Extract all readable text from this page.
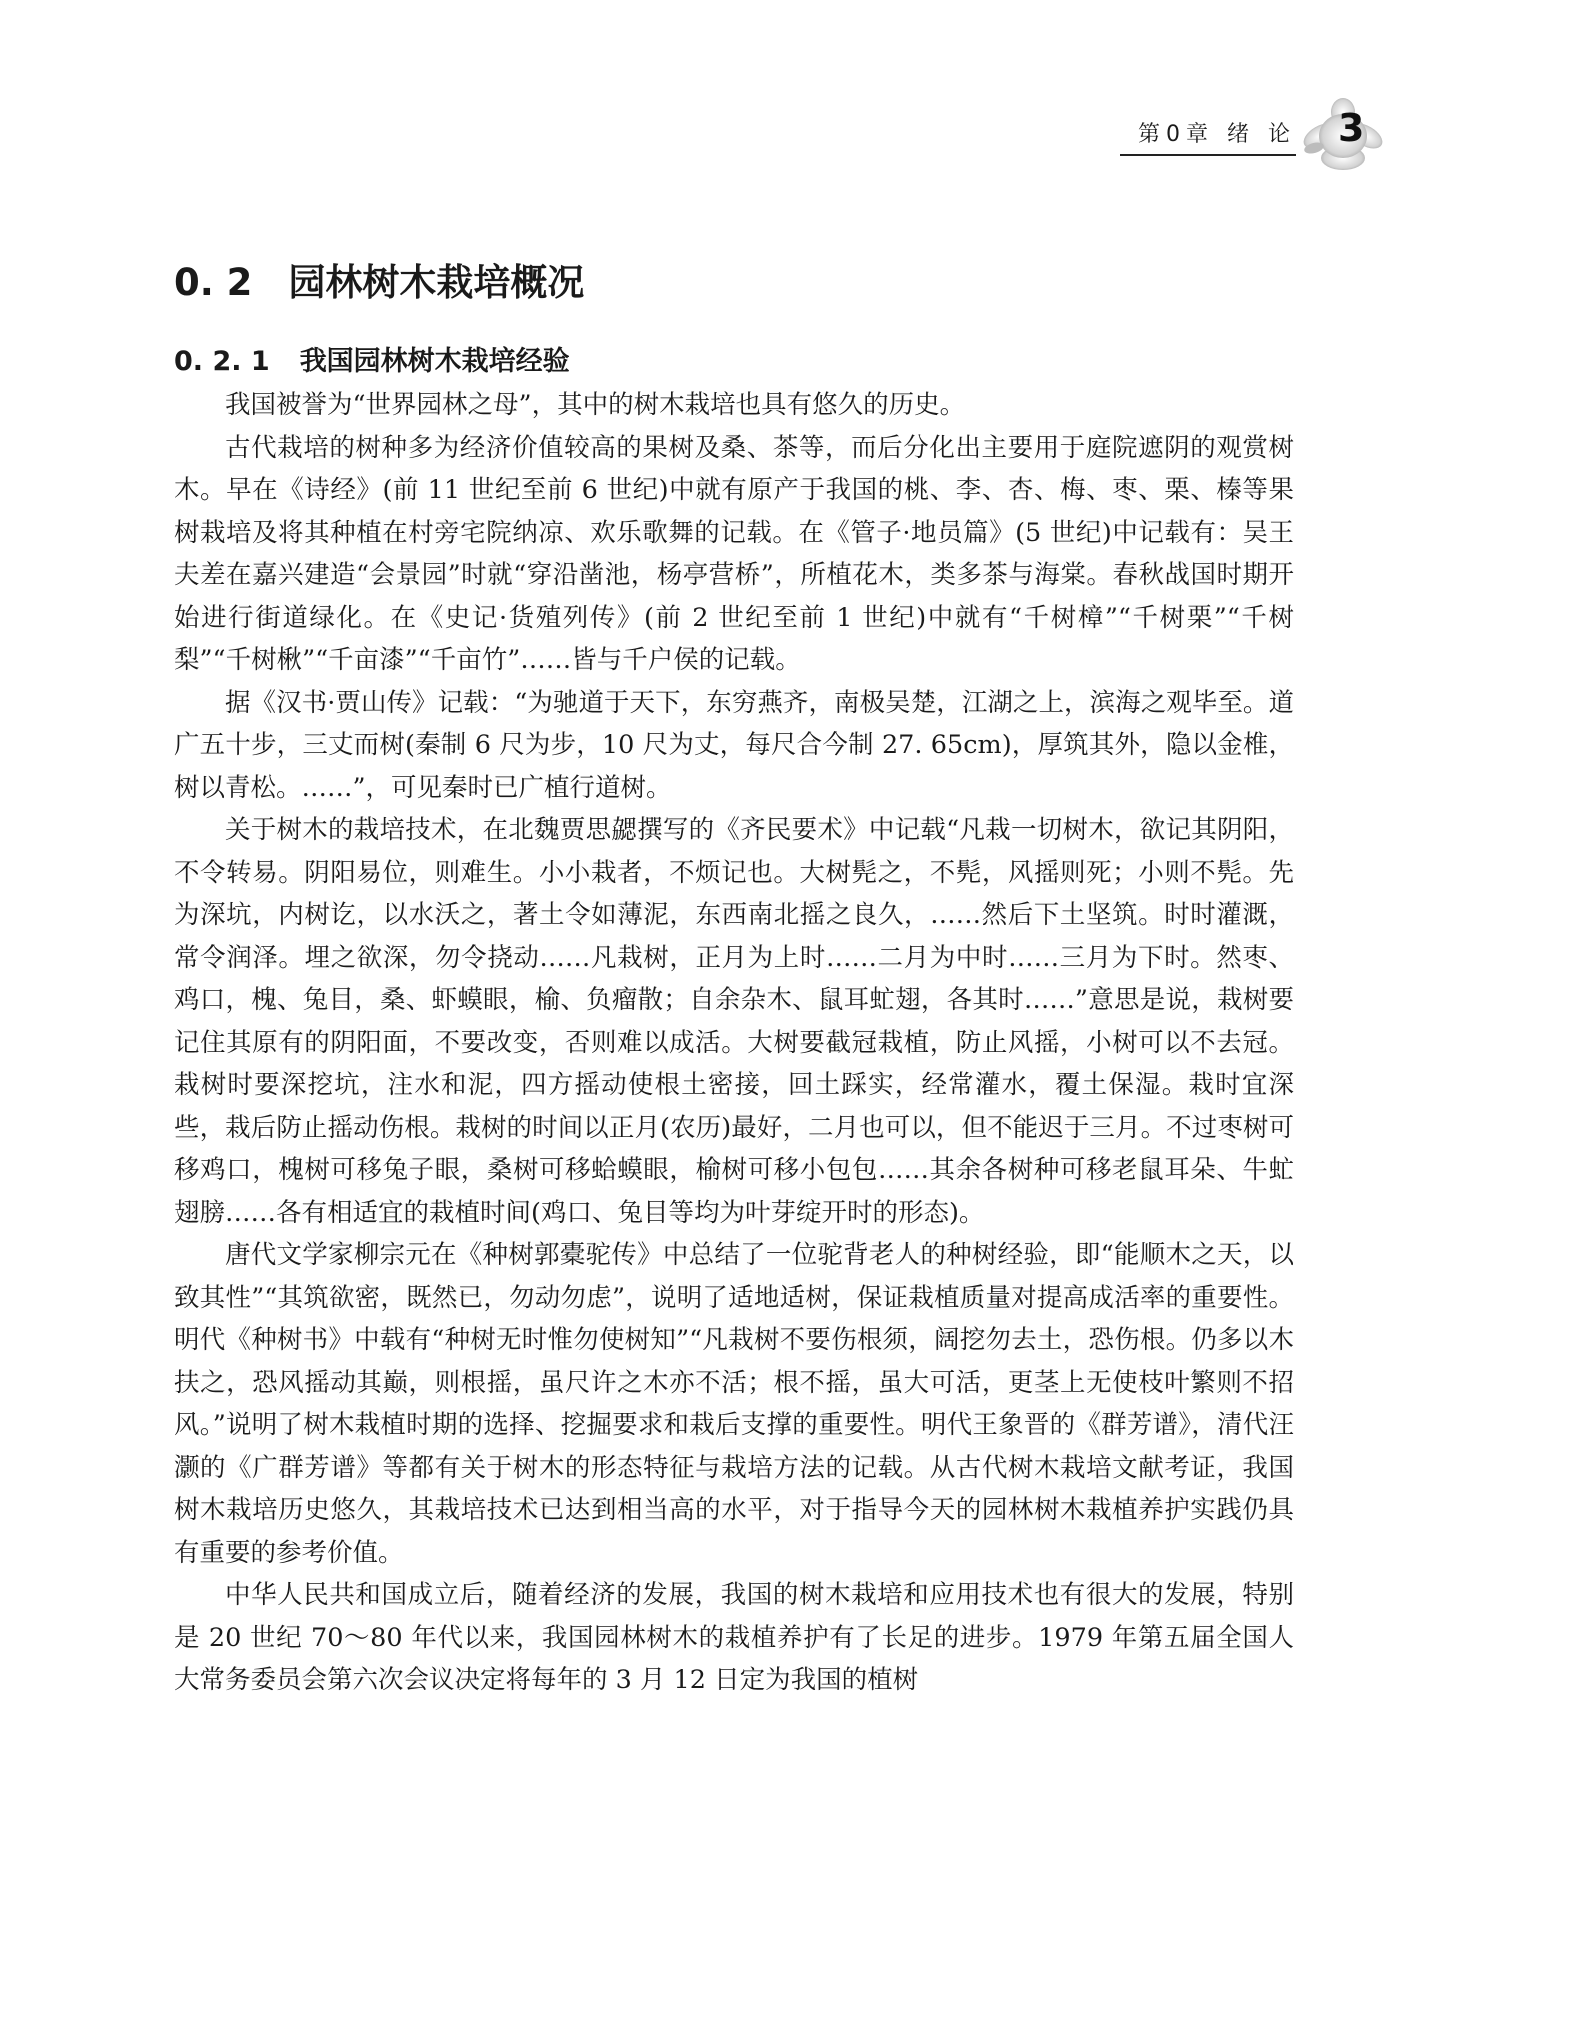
第0章 绪 论 3
0. 2 园林树木栽培概况
0. 2. 1 我国园林树木栽培经验

我国被誉为“世界园林之母”，其中的树木栽培也具有悠久的历史。

古代栽培的树种多为经济价值较高的果树及桑、茶等，而后分化出主要用于庭院遮阴的观赏树木。早在《诗经》(前 11 世纪至前 6 世纪)中就有原产于我国的桃、李、杏、梅、枣、栗、榛等果树栽培及将其种植在村旁宅院纳凉、欢乐歌舞的记载。在《管子·地员篇》(5 世纪)中记载有：吴王夫差在嘉兴建造“会景园”时就“穿沿凿池，杨亭营桥”，所植花木，类多茶与海棠。春秋战国时期开始进行街道绿化。在《史记·货殖列传》(前 2 世纪至前 1 世纪)中就有“千树樟”“千树栗”“千树梨”“千树楸”“千亩漆”“千亩竹”……皆与千户侯的记载。

据《汉书·贾山传》记载：“为驰道于天下，东穷燕齐，南极吴楚，江湖之上，滨海之观毕至。道广五十步，三丈而树(秦制 6 尺为步，10 尺为丈，每尺合今制 27. 65cm)，厚筑其外，隐以金椎，树以青松。……”，可见秦时已广植行道树。

关于树木的栽培技术，在北魏贾思勰撰写的《齐民要术》中记载“凡栽一切树木，欲记其阴阳，不令转易。阴阳易位，则难生。小小栽者，不烦记也。大树髡之，不髡，风摇则死；小则不髡。先为深坑，内树讫，以水沃之，著土令如薄泥，东西南北摇之良久，……然后下土坚筑。时时灌溉，常令润泽。埋之欲深，勿令挠动……凡栽树，正月为上时……二月为中时……三月为下时。然枣、鸡口，槐、兔目，桑、虾蟆眼，榆、负瘤散；自余杂木、鼠耳虻翅，各其时……”意思是说，栽树要记住其原有的阴阳面，不要改变，否则难以成活。大树要截冠栽植，防止风摇，小树可以不去冠。栽树时要深挖坑，注水和泥，四方摇动使根土密接，回土踩实，经常灌水，覆土保湿。栽时宜深些，栽后防止摇动伤根。栽树的时间以正月(农历)最好，二月也可以，但不能迟于三月。不过枣树可移鸡口，槐树可移兔子眼，桑树可移蛤蟆眼，榆树可移小包包……其余各树种可移老鼠耳朵、牛虻翅膀……各有相适宜的栽植时间(鸡口、兔目等均为叶芽绽开时的形态)。

唐代文学家柳宗元在《种树郭橐驼传》中总结了一位驼背老人的种树经验，即“能顺木之天，以致其性”“其筑欲密，既然已，勿动勿虑”，说明了适地适树，保证栽植质量对提高成活率的重要性。明代《种树书》中载有“种树无时惟勿使树知”“凡栽树不要伤根须，阔挖勿去土，恐伤根。仍多以木扶之，恐风摇动其巅，则根摇，虽尺许之木亦不活；根不摇，虽大可活，更茎上无使枝叶繁则不招风。”说明了树木栽植时期的选择、挖掘要求和栽后支撑的重要性。明代王象晋的《群芳谱》，清代汪灏的《广群芳谱》等都有关于树木的形态特征与栽培方法的记载。从古代树木栽培文献考证，我国树木栽培历史悠久，其栽培技术已达到相当高的水平，对于指导今天的园林树木栽植养护实践仍具有重要的参考价值。

中华人民共和国成立后，随着经济的发展，我国的树木栽培和应用技术也有很大的发展，特别是 20 世纪 70～80 年代以来，我国园林树木的栽植养护有了长足的进步。1979 年第五届全国人大常务委员会第六次会议决定将每年的 3 月 12 日定为我国的植树
